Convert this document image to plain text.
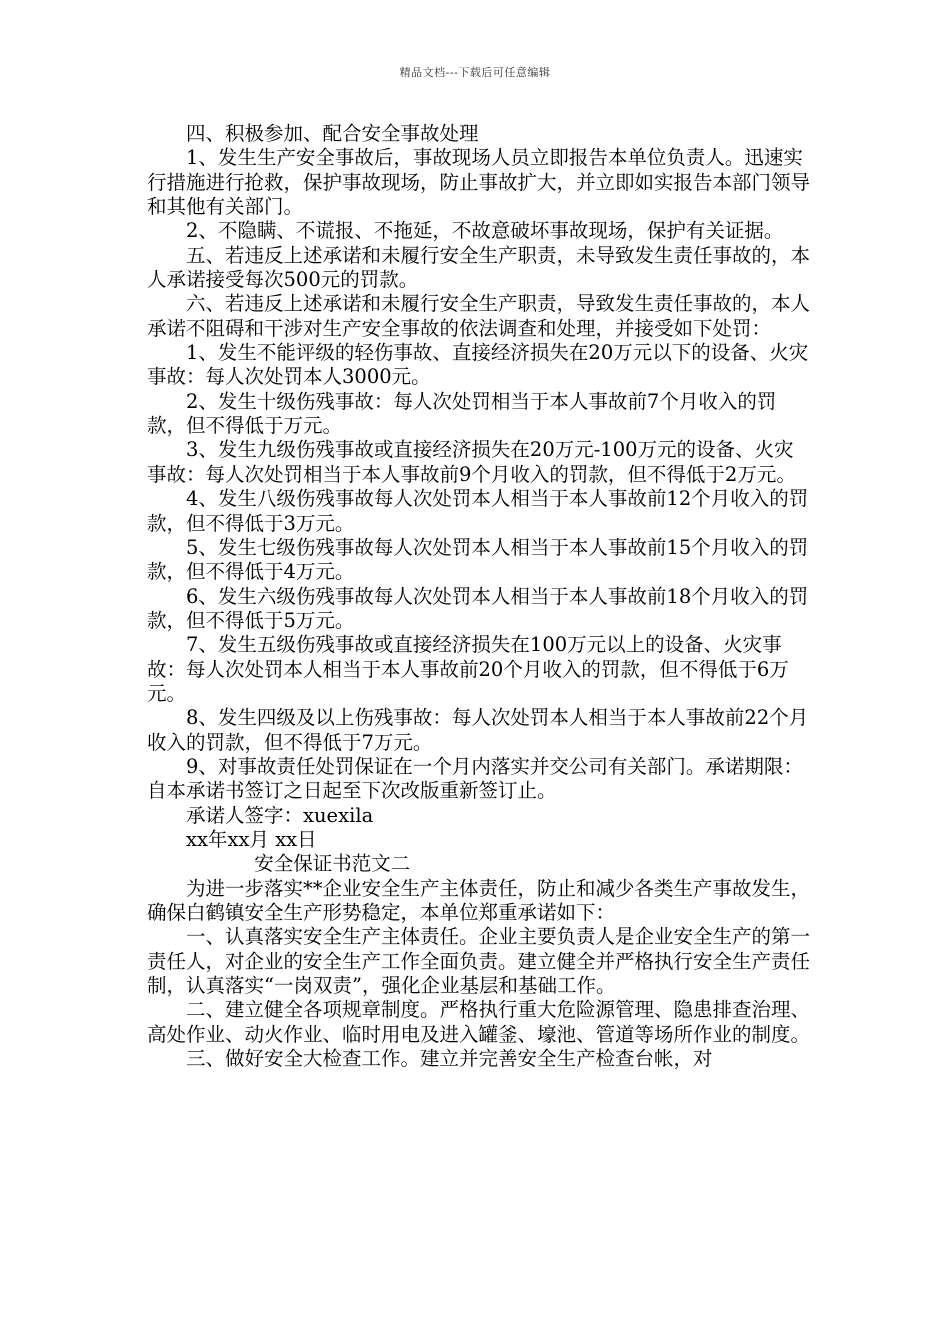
精品文档---下载后可任意编辑

四、积极参加、配合安全事故处理

1、发生生产安全事故后，事故现场人员立即报告本单位负责人。迅速实行措施进行抢救，保护事故现场，防止事故扩大，并立即如实报告本部门领导和其他有关部门。

2、不隐瞒、不谎报、不拖延，不故意破坏事故现场，保护有关证据。

五、若违反上述承诺和未履行安全生产职责，未导致发生责任事故的，本人承诺接受每次500元的罚款。

六、若违反上述承诺和未履行安全生产职责，导致发生责任事故的，本人承诺不阻碍和干涉对生产安全事故的依法调查和处理，并接受如下处罚：

1、发生不能评级的轻伤事故、直接经济损失在20万元以下的设备、火灾事故：每人次处罚本人3000元。

2、发生十级伤残事故：每人次处罚相当于本人事故前7个月收入的罚款，但不得低于万元。

3、发生九级伤残事故或直接经济损失在20万元-100万元的设备、火灾事故：每人次处罚相当于本人事故前9个月收入的罚款，但不得低于2万元。

4、发生八级伤残事故每人次处罚本人相当于本人事故前12个月收入的罚款，但不得低于3万元。

5、发生七级伤残事故每人次处罚本人相当于本人事故前15个月收入的罚款，但不得低于4万元。

6、发生六级伤残事故每人次处罚本人相当于本人事故前18个月收入的罚款，但不得低于5万元。

7、发生五级伤残事故或直接经济损失在100万元以上的设备、火灾事故：每人次处罚本人相当于本人事故前20个月收入的罚款，但不得低于6万元。

8、发生四级及以上伤残事故：每人次处罚本人相当于本人事故前22个月收入的罚款，但不得低于7万元。

9、对事故责任处罚保证在一个月内落实并交公司有关部门。承诺期限：自本承诺书签订之日起至下次改版重新签订止。

承诺人签字：xuexila

xx年xx月 xx日

安全保证书范文二

为进一步落实**企业安全生产主体责任，防止和减少各类生产事故发生，确保白鹤镇安全生产形势稳定，本单位郑重承诺如下：

一、认真落实安全生产主体责任。企业主要负责人是企业安全生产的第一责任人，对企业的安全生产工作全面负责。建立健全并严格执行安全生产责任制，认真落实“一岗双责”，强化企业基层和基础工作。

二、建立健全各项规章制度。严格执行重大危险源管理、隐患排查治理、高处作业、动火作业、临时用电及进入罐釜、壕池、管道等场所作业的制度。

三、做好安全大检查工作。建立并完善安全生产检查台帐，对
